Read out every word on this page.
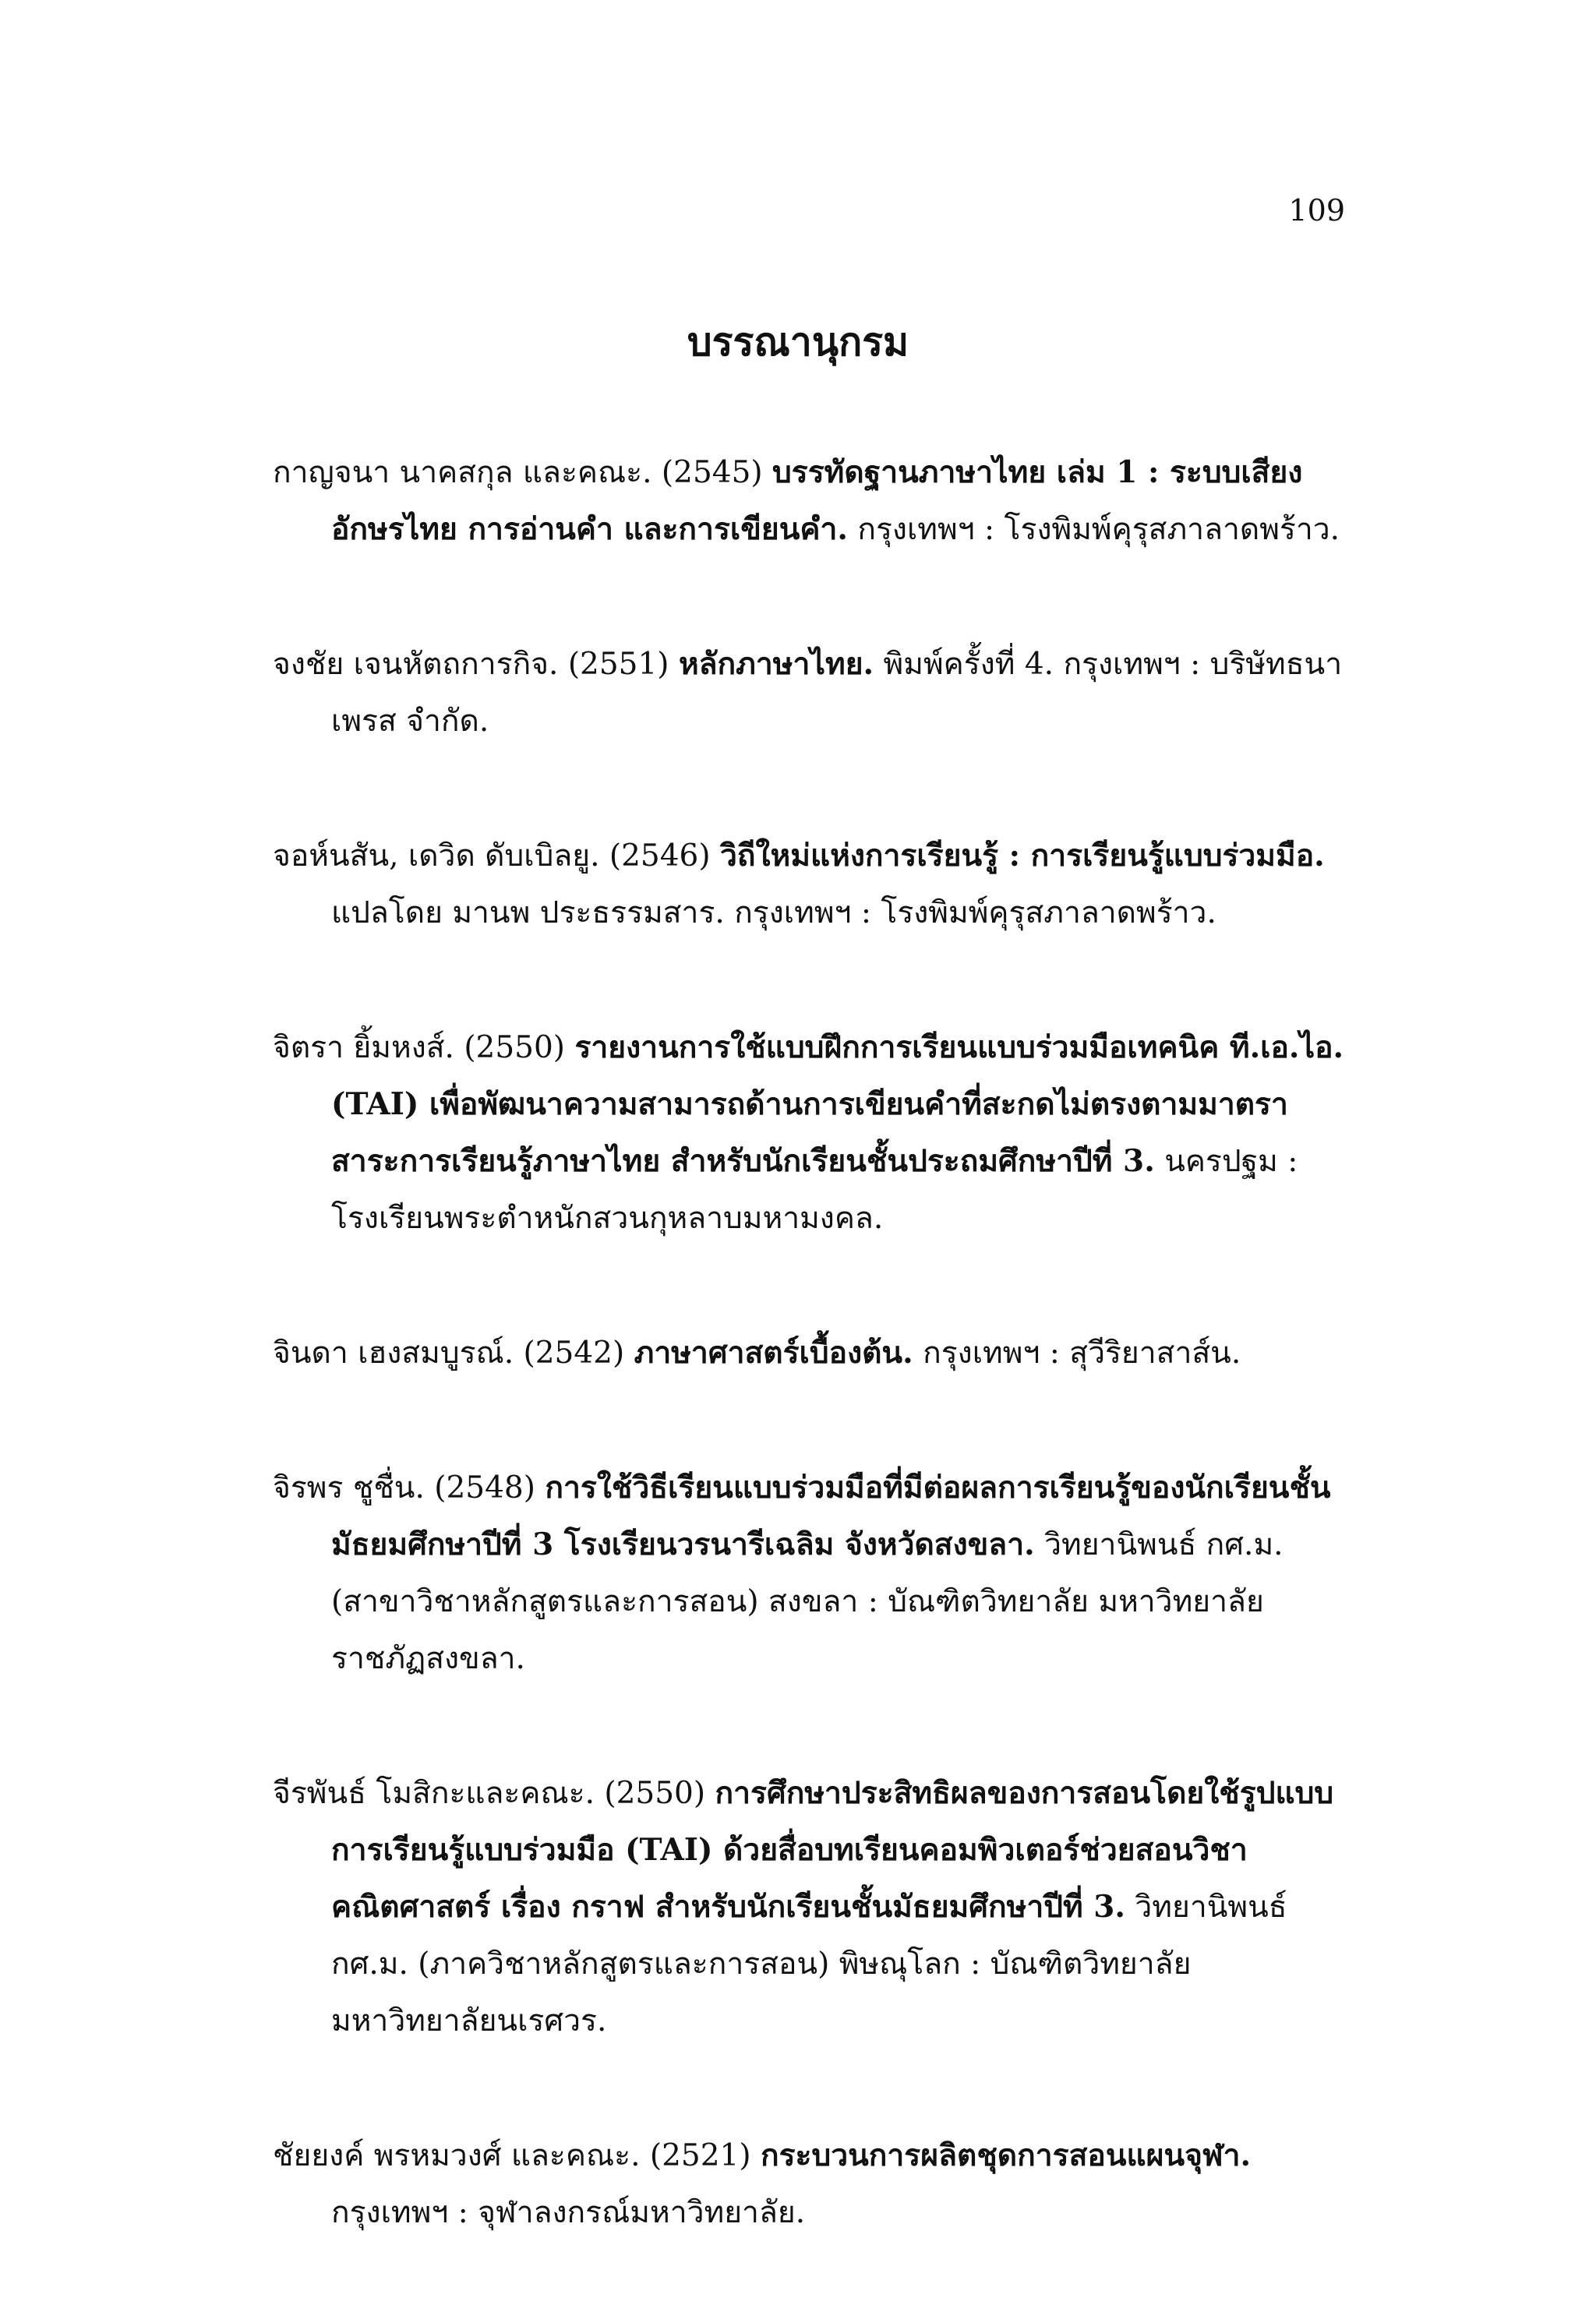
109

บรรณานุกรม
กาญจนา นาคสกุล และคณะ. (2545) บรรทัดฐานภาษาไทย เล่ม 1 : ระบบเสียง อักษรไทย การอ่านคำ และการเขียนคำ. กรุงเทพฯ : โรงพิมพ์คุรุสภาลาดพร้าว.
จงชัย เจนหัตถการกิจ. (2551) หลักภาษาไทย. พิมพ์ครั้งที่ 4. กรุงเทพฯ : บริษัทธนาเพรส จำกัด.
จอห์นสัน, เดวิด ดับเบิลยู. (2546) วิถีใหม่แห่งการเรียนรู้ : การเรียนรู้แบบร่วมมือ. แปลโดย มานพ ประธรรมสาร. กรุงเทพฯ : โรงพิมพ์คุรุสภาลาดพร้าว.
จิตรา ยิ้มหงส์. (2550) รายงานการใช้แบบฝึกการเรียนแบบร่วมมือเทคนิค ที.เอ.ไอ. (TAI) เพื่อพัฒนาความสามารถด้านการเขียนคำที่สะกดไม่ตรงตามมาตรา สาระการเรียนรู้ภาษาไทย สำหรับนักเรียนชั้นประถมศึกษาปีที่ 3. นครปฐม : โรงเรียนพระตำหนักสวนกุหลาบมหามงคล.
จินดา เฮงสมบูรณ์. (2542) ภาษาศาสตร์เบื้องต้น. กรุงเทพฯ : สุวีริยาสาส์น.
จิรพร ชูชื่น. (2548) การใช้วิธีเรียนแบบร่วมมือที่มีต่อผลการเรียนรู้ของนักเรียนชั้นมัธยมศึกษาปีที่ 3 โรงเรียนวรนารีเฉลิม จังหวัดสงขลา. วิทยานิพนธ์ กศ.ม. (สาขาวิชาหลักสูตรและการสอน) สงขลา : บัณฑิตวิทยาลัย มหาวิทยาลัยราชภัฏสงขลา.
จีรพันธ์ โมสิกะและคณะ. (2550) การศึกษาประสิทธิผลของการสอนโดยใช้รูปแบบการเรียนรู้แบบร่วมมือ (TAI) ด้วยสื่อบทเรียนคอมพิวเตอร์ช่วยสอนวิชาคณิตศาสตร์ เรื่อง กราฟ สำหรับนักเรียนชั้นมัธยมศึกษาปีที่ 3. วิทยานิพนธ์ กศ.ม. (ภาควิชาหลักสูตรและการสอน) พิษณุโลก : บัณฑิตวิทยาลัย มหาวิทยาลัยนเรศวร.
ชัยยงค์ พรหมวงศ์ และคณะ. (2521) กระบวนการผลิตชุดการสอนแผนจุฬา. กรุงเทพฯ : จุฬาลงกรณ์มหาวิทยาลัย.
